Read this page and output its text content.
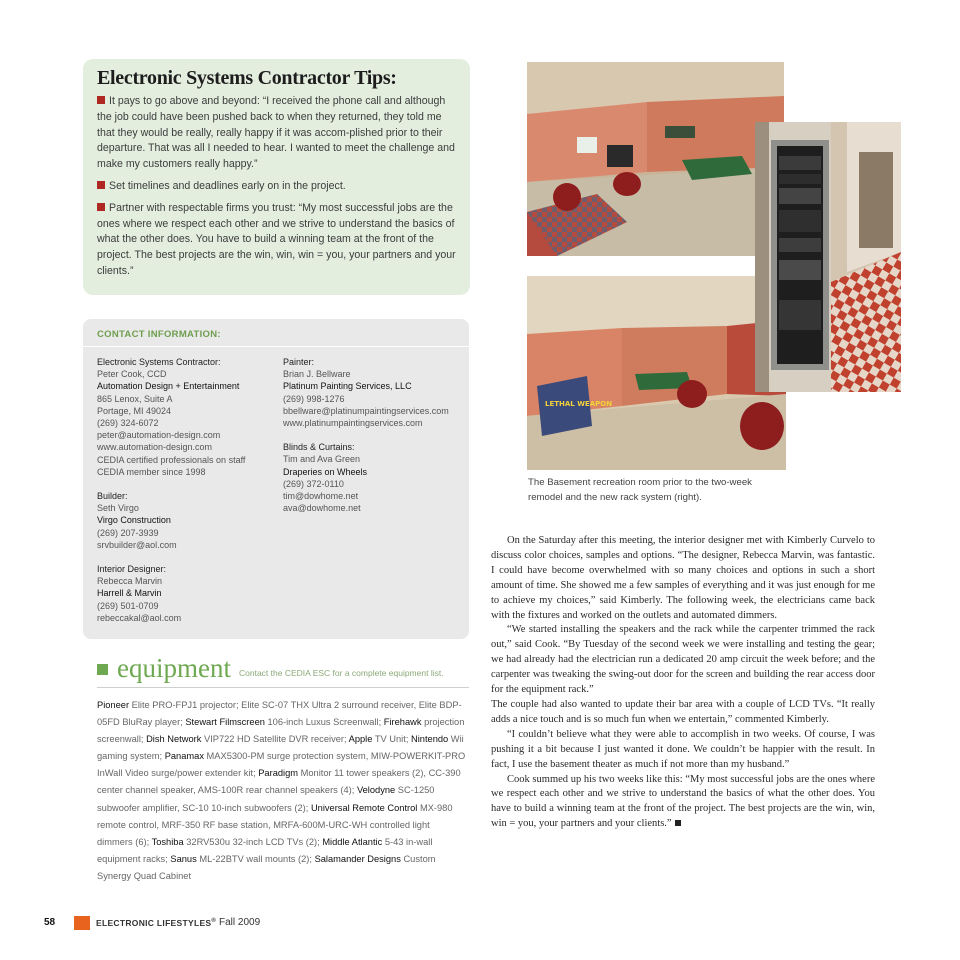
Electronic Systems Contractor Tips:

It pays to go above and beyond: “I received the phone call and although the job could have been pushed back to when they returned, they told me that they would be really, really happy if it was accom-plished prior to their departure. That was all I needed to hear. I wanted to meet the challenge and make my customers really happy.”

Set timelines and deadlines early on in the project.

Partner with respectable firms you trust: “My most successful jobs are the ones where we respect each other and we strive to understand the basics of what the other does. You have to build a winning team at the front of the project. The best projects are the win, win, win = you, your partners and your clients.”

CONTACT INFORMATION:
Electronic Systems Contractor:
Peter Cook, CCD
Automation Design + Entertainment
865 Lenox, Suite A
Portage, MI 49024
(269) 324-6072
peter@automation-design.com
www.automation-design.com
CEDIA certified professionals on staff
CEDIA member since 1998
Builder:
Seth Virgo
Virgo Construction
(269) 207-3939
srvbuilder@aol.com
Interior Designer:
Rebecca Marvin
Harrell & Marvin
(269) 501-0709
rebeccakal@aol.com
Painter:
Brian J. Bellware
Platinum Painting Services, LLC
(269) 998-1276
bbellware@platinumpaintingservices.com
www.platinumpaintingservices.com
Blinds & Curtains:
Tim and Ava Green
Draperies on Wheels
(269) 372-0110
tim@dowhome.net
ava@dowhome.net
equipment Contact the CEDIA ESC for a complete equipment list.
Pioneer Elite PRO-FPJ1 projector; Elite SC-07 THX Ultra 2 surround receiver, Elite BDP-05FD BluRay player; Stewart Filmscreen 106-inch Luxus Screenwall; Firehawk projection screenwall; Dish Network VIP722 HD Satellite DVR receiver; Apple TV Unit; Nintendo Wii gaming system; Panamax MAX5300-PM surge protection system, MIW-POWERKIT-PRO InWall Video surge/power extender kit; Paradigm Monitor 11 tower speakers (2), CC-390 center channel speaker, AMS-100R rear channel speakers (4); Velodyne SC-1250 subwoofer amplifier, SC-10 10-inch subwoofers (2); Universal Remote Control MX-980 remote control, MRF-350 RF base station, MRFA-600M-URC-WH controlled light dimmers (6); Toshiba 32RV530u 32-inch LCD TVs (2); Middle Atlantic 5-43 in-wall equipment racks; Sanus ML-22BTV wall mounts (2); Salamander Designs Custom Synergy Quad Cabinet
LETHAL WEAPON
The Basement recreation room prior to the two-week remodel and the new rack system (right).

On the Saturday after this meeting, the interior designer met with Kimberly Curvelo to discuss color choices, samples and options. “The designer, Rebecca Marvin, was fantastic. I could have become overwhelmed with so many choices and options in such a short amount of time. She showed me a few samples of everything and it was just enough for me to achieve my choices,” said Kimberly. The following week, the electricians came back with the fixtures and worked on the outlets and automated dimmers.

“We started installing the speakers and the rack while the carpenter trimmed the rack out,” said Cook. “By Tuesday of the second week we were installing and testing the gear; we had already had the electrician run a dedicated 20 amp circuit the week before; and the carpenter was tweaking the swing-out door for the screen and building the rear access door for the equipment rack.”

The couple had also wanted to update their bar area with a couple of LCD TVs. “It really adds a nice touch and is so much fun when we entertain,” commented Kimberly.

“I couldn’t believe what they were able to accomplish in two weeks. Of course, I was pushing it a bit because I just wanted it done. We couldn’t be happier with the result. In fact, I use the basement theater as much if not more than my husband.”

Cook summed up his two weeks like this: “My most successful jobs are the ones where we respect each other and we strive to understand the basics of what the other does. You have to build a winning team at the front of the project. The best projects are the win, win, win = you, your partners and your clients.”

58	ELECTRONIC LIFESTYLES® Fall 2009
